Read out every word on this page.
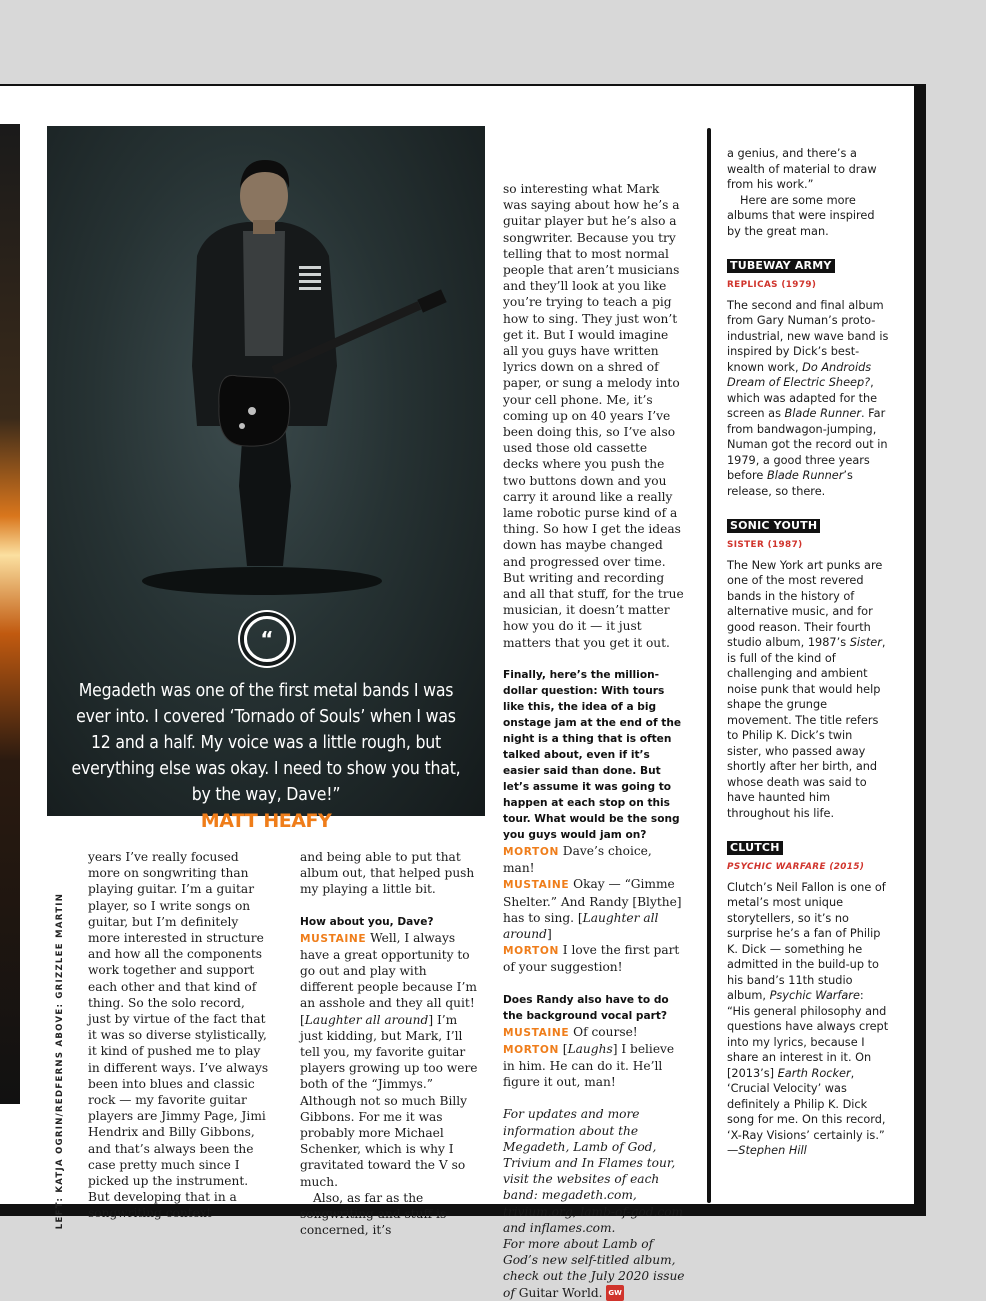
“
Megadeth was one of the first metal bands I was ever into. I covered ‘Tornado of Souls’ when I was 12 and a half. My voice was a little rough, but everything else was okay. I need to show you that, by the way, Dave!”
MATT HEAFY
LEFT: KATJA OGRIN/REDFERNS ABOVE: GRIZZLEE MARTIN

years I’ve really focused more on songwriting than playing guitar. I’m a guitar player, so I write songs on guitar, but I’m definitely more interested in structure and how all the components work together and support each other and that kind of thing. So the solo record, just by virtue of the fact that it was so diverse stylistically, it kind of pushed me to play in different ways. I’ve always been into blues and classic rock — my favorite guitar players are Jimmy Page, Jimi Hendrix and Billy Gibbons, and that’s always been the case pretty much since I picked up the instrument. But developing that in a songwriting context

and being able to put that album out, that helped push my playing a little bit.

How about you, Dave?

MUSTAINE Well, I always have a great opportunity to go out and play with different people because I’m an asshole and they all quit! [Laughter all around] I’m just kidding, but Mark, I’ll tell you, my favorite guitar players growing up too were both of the “Jimmys.” Although not so much Billy Gibbons. For me it was probably more Michael Schenker, which is why I gravitated toward the V so much.

Also, as far as the songwriting and stuff is concerned, it’s

so interesting what Mark was saying about how he’s a guitar player but he’s also a songwriter. Because you try telling that to most normal people that aren’t musicians and they’ll look at you like you’re trying to teach a pig how to sing. They just won’t get it. But I would imagine all you guys have written lyrics down on a shred of paper, or sung a melody into your cell phone. Me, it’s coming up on 40 years I’ve been doing this, so I’ve also used those old cassette decks where you push the two buttons down and you carry it around like a really lame robotic purse kind of a thing. So how I get the ideas down has maybe changed and progressed over time. But writing and recording and all that stuff, for the true musician, it doesn’t matter how you do it — it just matters that you get it out.

Finally, here’s the million-dollar question: With tours like this, the idea of a big onstage jam at the end of the night is a thing that is often talked about, even if it’s easier said than done. But let’s assume it was going to happen at each stop on this tour. What would be the song you guys would jam on?

MORTON Dave’s choice, man!

MUSTAINE Okay — “Gimme Shelter.” And Randy [Blythe] has to sing. [Laughter all around]

MORTON I love the first part of your suggestion!

Does Randy also have to do the background vocal part?

MUSTAINE Of course!

MORTON [Laughs] I believe in him. He can do it. He’ll figure it out, man!

For updates and more information about the Megadeth, Lamb of God, Trivium and In Flames tour, visit the websites of each band: megadeth.com, trivium.org, lamb-of-god.com and inflames.com.

For more about Lamb of God’s new self-titled album, check out the July 2020 issue of Guitar World. GW

a genius, and there’s a wealth of material to draw from his work.”

Here are some more albums that were inspired by the great man.

TUBEWAY ARMY

REPLICAS (1979)

The second and final album from Gary Numan’s proto-industrial, new wave band is inspired by Dick’s best-known work, Do Androids Dream of Electric Sheep?, which was adapted for the screen as Blade Runner. Far from bandwagon-jumping, Numan got the record out in 1979, a good three years before Blade Runner’s release, so there.

SONIC YOUTH

SISTER (1987)

The New York art punks are one of the most revered bands in the history of alternative music, and for good reason. Their fourth studio album, 1987’s Sister, is full of the kind of challenging and ambient noise punk that would help shape the grunge movement. The title refers to Philip K. Dick’s twin sister, who passed away shortly after her birth, and whose death was said to have haunted him throughout his life.

CLUTCH

PSYCHIC WARFARE (2015)

Clutch’s Neil Fallon is one of metal’s most unique storytellers, so it’s no surprise he’s a fan of Philip K. Dick — something he admitted in the build-up to his band’s 11th studio album, Psychic Warfare: “His general philosophy and questions have always crept into my lyrics, because I share an interest in it. On [2013’s] Earth Rocker, ‘Crucial Velocity’ was definitely a Philip K. Dick song for me. On this record, ‘X-Ray Visions’ certainly is.” —Stephen Hill
